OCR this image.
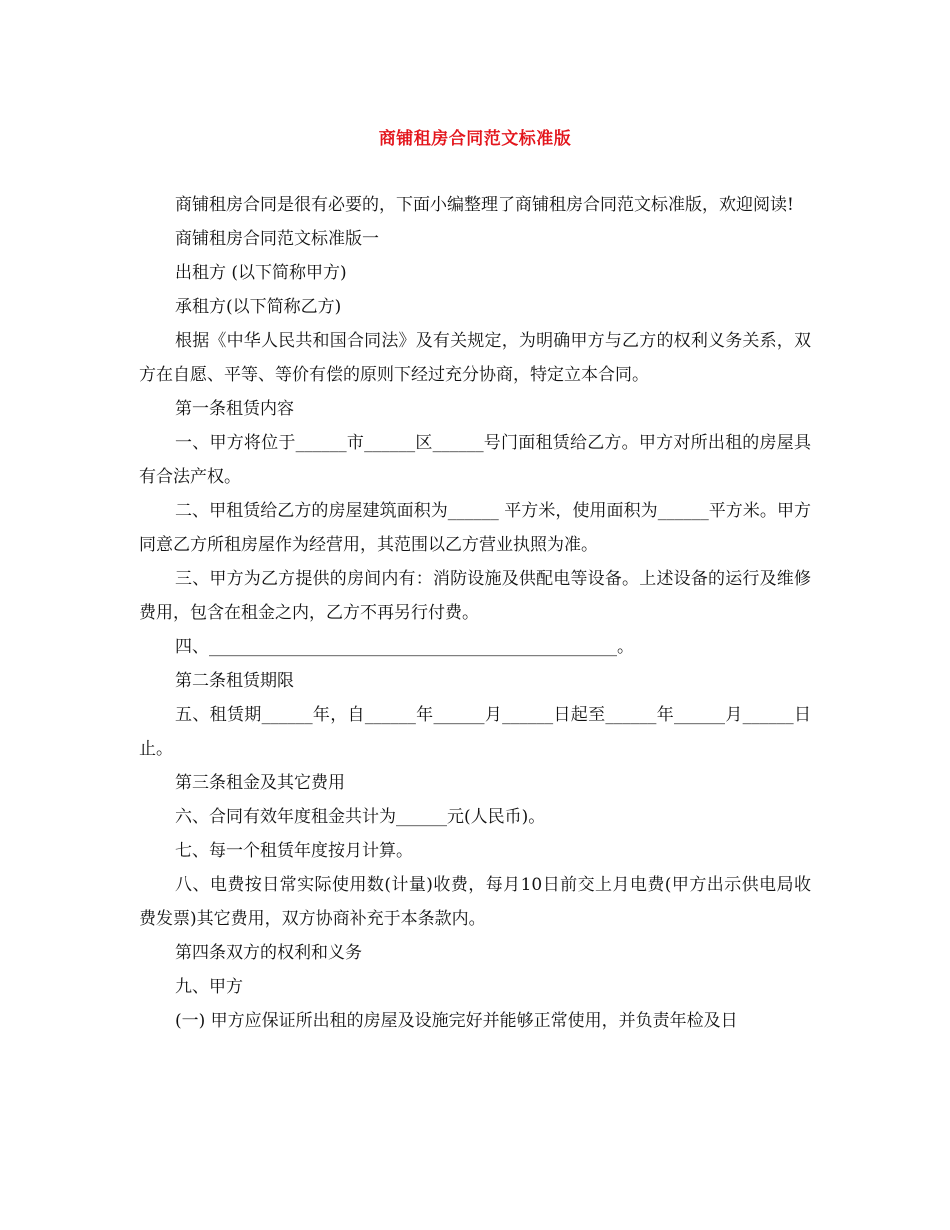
商铺租房合同范文标准版

商铺租房合同是很有必要的，下面小编整理了商铺租房合同范文标准版，欢迎阅读!

商铺租房合同范文标准版一

出租方 (以下简称甲方)

承租方(以下简称乙方)

根据《中华人民共和国合同法》及有关规定，为明确甲方与乙方的权利义务关系，双方在自愿、平等、等价有偿的原则下经过充分协商，特定立本合同。

第一条租赁内容

一、甲方将位于______市______区______号门面租赁给乙方。甲方对所出租的房屋具有合法产权。

二、甲租赁给乙方的房屋建筑面积为______ 平方米，使用面积为______平方米。甲方同意乙方所租房屋作为经营用，其范围以乙方营业执照为准。

三、甲方为乙方提供的房间内有：消防设施及供配电等设备。上述设备的运行及维修费用，包含在租金之内，乙方不再另行付费。

四、________________________________________________。

第二条租赁期限

五、租赁期______年，自______年______月______日起至______年______月______日止。

第三条租金及其它费用

六、合同有效年度租金共计为______元(人民币)。

七、每一个租赁年度按月计算。

八、电费按日常实际使用数(计量)收费，每月10日前交上月电费(甲方出示供电局收费发票)其它费用，双方协商补充于本条款内。

第四条双方的权利和义务

九、甲方

(一) 甲方应保证所出租的房屋及设施完好并能够正常使用，并负责年检及日
